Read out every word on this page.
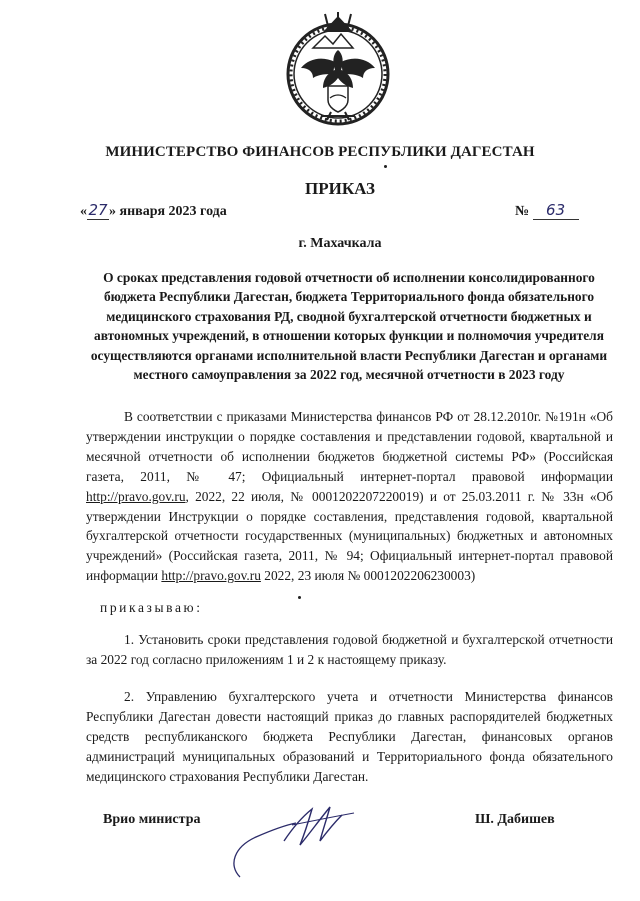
МИНИСТЕРСТВО ФИНАНСОВ РЕСПУБЛИКИ ДАГЕСТАН
ПРИКАЗ
«27» января 2023 года	№ 63
г. Махачкала
О сроках представления годовой отчетности об исполнении консолидированного бюджета Республики Дагестан, бюджета Территориального фонда обязательного медицинского страхования РД, сводной бухгалтерской отчетности бюджетных и автономных учреждений, в отношении которых функции и полномочия учредителя осуществляются органами исполнительной власти Республики Дагестан и органами местного самоуправления за 2022 год, месячной отчетности в 2023 году
В соответствии с приказами Министерства финансов РФ от 28.12.2010г. №191н «Об утверждении инструкции о порядке составления и представлении годовой, квартальной и месячной отчетности об исполнении бюджетов бюджетной системы РФ» (Российская газета, 2011, № 47; Официальный интернет-портал правовой информации http://pravo.gov.ru, 2022, 22 июля, № 0001202207220019) и от 25.03.2011 г. № 33н «Об утверждении Инструкции о порядке составления, представления годовой, квартальной бухгалтерской отчетности государственных (муниципальных) бюджетных и автономных учреждений» (Российская газета, 2011, № 94; Официальный интернет-портал правовой информации http://pravo.gov.ru 2022, 23 июля № 0001202206230003)
приказываю:
1. Установить сроки представления годовой бюджетной и бухгалтерской отчетности за 2022 год согласно приложениям 1 и 2 к настоящему приказу.
2. Управлению бухгалтерского учета и отчетности Министерства финансов Республики Дагестан довести настоящий приказ до главных распорядителей бюджетных средств республиканского бюджета Республики Дагестан, финансовых органов администраций муниципальных образований и Территориального фонда обязательного медицинского страхования Республики Дагестан.
Врио министра	Ш. Дабишев
